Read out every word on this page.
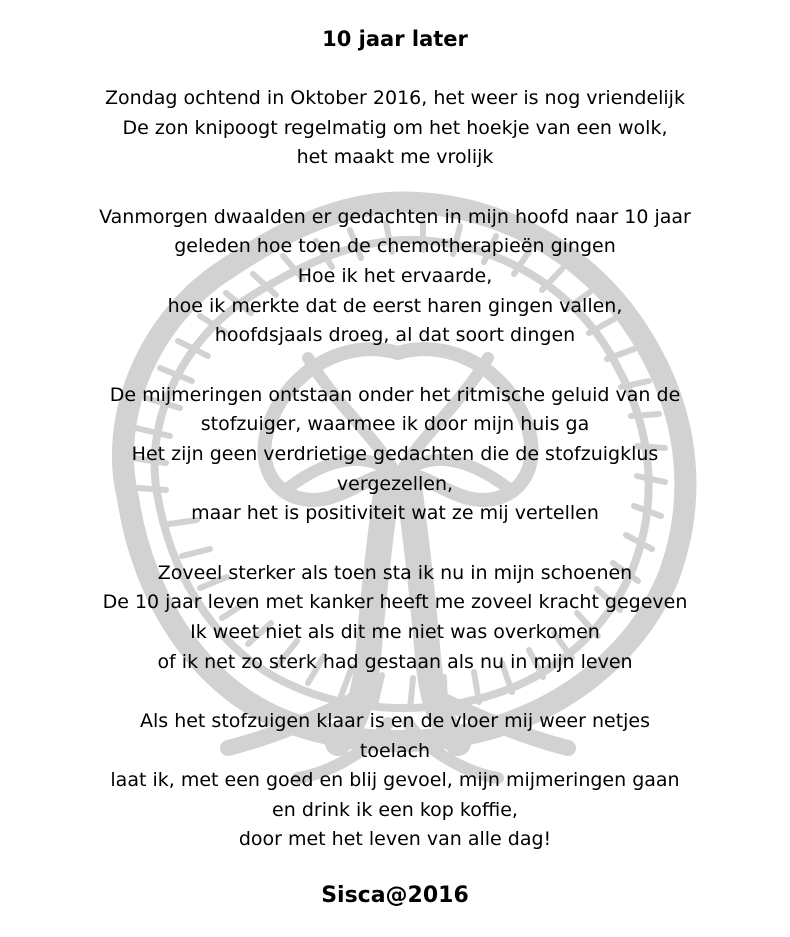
10 jaar later

Zondag ochtend in Oktober 2016, het weer is nog vriendelijk
De zon knipoogt regelmatig om het hoekje van een wolk,
het maakt me vrolijk

Vanmorgen dwaalden er gedachten in mijn hoofd naar 10 jaar
geleden hoe toen de chemotherapieën gingen
Hoe ik het ervaarde,
hoe ik merkte dat de eerst haren gingen vallen,
hoofdsjaals droeg, al dat soort dingen

De mijmeringen ontstaan onder het ritmische geluid van de
stofzuiger, waarmee ik door mijn huis ga
Het zijn geen verdrietige gedachten die de stofzuigklus
vergezellen,
maar het is positiviteit wat ze mij vertellen

Zoveel sterker als toen sta ik nu in mijn schoenen
De 10 jaar leven met kanker heeft me zoveel kracht gegeven
Ik weet niet als dit me niet was overkomen
of ik net zo sterk had gestaan als nu in mijn leven

Als het stofzuigen klaar is en de vloer mij weer netjes
toelach
laat ik, met een goed en blij gevoel, mijn mijmeringen gaan
en drink ik een kop koffie,
door met het leven van alle dag!

Sisca@2016
